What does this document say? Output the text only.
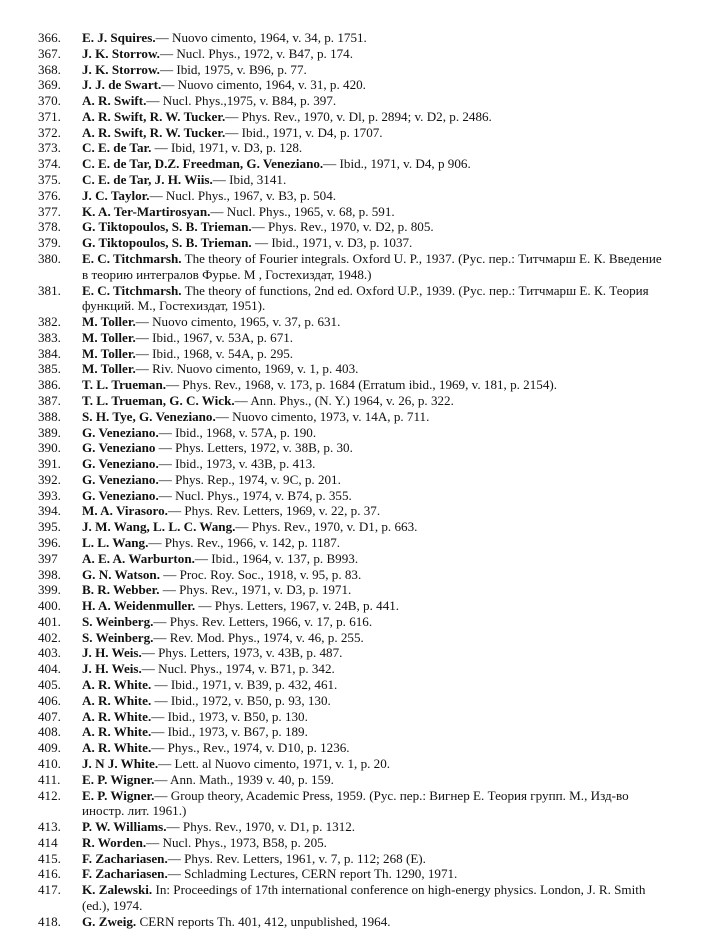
366.	E. J. Squires.— Nuovo cimento, 1964, v. 34, p. 1751.
367.	J. K. Storrow.— Nucl. Phys., 1972, v. B47, p. 174.
368.	J. K. Storrow.— Ibid, 1975, v. B96, p. 77.
369.	J. J. de Swart.— Nuovo cimento, 1964, v. 31, p. 420.
370.	A. R. Swift.— Nucl. Phys.,1975, v. B84, p. 397.
371.	A. R. Swift, R. W. Tucker.— Phys. Rev., 1970, v. Dl, p. 2894; v. D2, p. 2486.
372.	A. R. Swift, R. W. Tucker.— Ibid., 1971, v. D4, p. 1707.
373.	C. E. de Tar. — Ibid, 1971, v. D3, p. 128.
374.	C. E. de Tar, D.Z. Freedman, G. Veneziano.— Ibid., 1971, v. D4, p 906.
375.	C. E. de Tar, J. H. Wiis.— Ibid, 3141.
376.	J. C. Taylor.— Nucl. Phys., 1967, v. B3, p. 504.
377.	K. A. Ter-Martirosyan.— Nucl. Phys., 1965, v. 68, p. 591.
378.	G. Tiktopoulos, S. B. Trieman.— Phys. Rev., 1970, v. D2, p. 805.
379.	G. Tiktopoulos, S. B. Trieman. — Ibid., 1971, v. D3, p. 1037.
380.	E. C. Titchmarsh. The theory of Fourier integrals. Oxford U. P., 1937. (Рус. пер.: Титчмарш Е. К. Введение в теорию интегралов Фурье. М , Гостехиздат, 1948.)
381.	E. C. Titchmarsh. The theory of functions, 2nd ed. Oxford U.P., 1939. (Рус. пер.: Титчмарш Е. К. Теория функций. М., Гостехиздат, 1951).
382.	M. Toller.— Nuovo cimento, 1965, v. 37, p. 631.
383.	M. Toller.— Ibid., 1967, v. 53A, p. 671.
384.	M. Toller.— Ibid., 1968, v. 54A, p. 295.
385.	M. Toller.— Riv. Nuovo cimento, 1969, v. 1, p. 403.
386.	T. L. Trueman.— Phys. Rev., 1968, v. 173, p. 1684 (Erratum ibid., 1969, v. 181, p. 2154).
387.	T. L. Trueman, G. C. Wick.— Ann. Phys., (N. Y.) 1964, v. 26, p. 322.
388.	S. H. Tye, G. Veneziano.— Nuovo cimento, 1973, v. 14A, p. 711.
389.	G. Veneziano.— Ibid., 1968, v. 57A, p. 190.
390.	G. Veneziano — Phys. Letters, 1972, v. 38B, p. 30.
391.	G. Veneziano.— Ibid., 1973, v. 43B, p. 413.
392.	G. Veneziano.— Phys. Rep., 1974, v. 9C, p. 201.
393.	G. Veneziano.— Nucl. Phys., 1974, v. B74, p. 355.
394.	M. A. Virasoro.— Phys. Rev. Letters, 1969, v. 22, p. 37.
395.	J. M. Wang, L. L. C. Wang.— Phys. Rev., 1970, v. D1, p. 663.
396.	L. L. Wang.— Phys. Rev., 1966, v. 142, p. 1187.
397	A. E. A. Warburton.— Ibid., 1964, v. 137, p. B993.
398.	G. N. Watson. — Proc. Roy. Soc., 1918, v. 95, p. 83.
399.	B. R. Webber. — Phys. Rev., 1971, v. D3, p. 1971.
400.	H. A. Weidenmuller. — Phys. Letters, 1967, v. 24B, p. 441.
401.	S. Weinberg.— Phys. Rev. Letters, 1966, v. 17, p. 616.
402.	S. Weinberg.— Rev. Mod. Phys., 1974, v. 46, p. 255.
403.	J. H. Weis.— Phys. Letters, 1973, v. 43B, p. 487.
404.	J. H. Weis.— Nucl. Phys., 1974, v. B71, p. 342.
405.	A. R. White. — Ibid., 1971, v. B39, p. 432, 461.
406.	A. R. White. — Ibid., 1972, v. B50, p. 93, 130.
407.	A. R. White.— Ibid., 1973, v. B50, p. 130.
408.	A. R. White.— Ibid., 1973, v. B67, p. 189.
409.	A. R. White.— Phys., Rev., 1974, v. D10, p. 1236.
410.	J. N J. White.— Lett. al Nuovo cimento, 1971, v. 1, p. 20.
411.	E. P. Wigner.— Ann. Math., 1939 v. 40, p. 159.
412.	E. P. Wigner.— Group theory, Academic Press, 1959. (Рус. пер.: Вигнер Е. Теория групп. М., Изд-во иностр. лит. 1961.)
413.	P. W. Williams.— Phys. Rev., 1970, v. D1, p. 1312.
414	R. Worden.— Nucl. Phys., 1973, B58, p. 205.
415.	F. Zachariasen.— Phys. Rev. Letters, 1961, v. 7, p. 112; 268 (E).
416.	F. Zachariasen.— Schladming Lectures, CERN report Th. 1290, 1971.
417.	K. Zalewski. In: Proceedings of 17th international conference on high-energy physics. London, J. R. Smith (ed.), 1974.
418.	G. Zweig. CERN reports Th. 401, 412, unpublished, 1964.
